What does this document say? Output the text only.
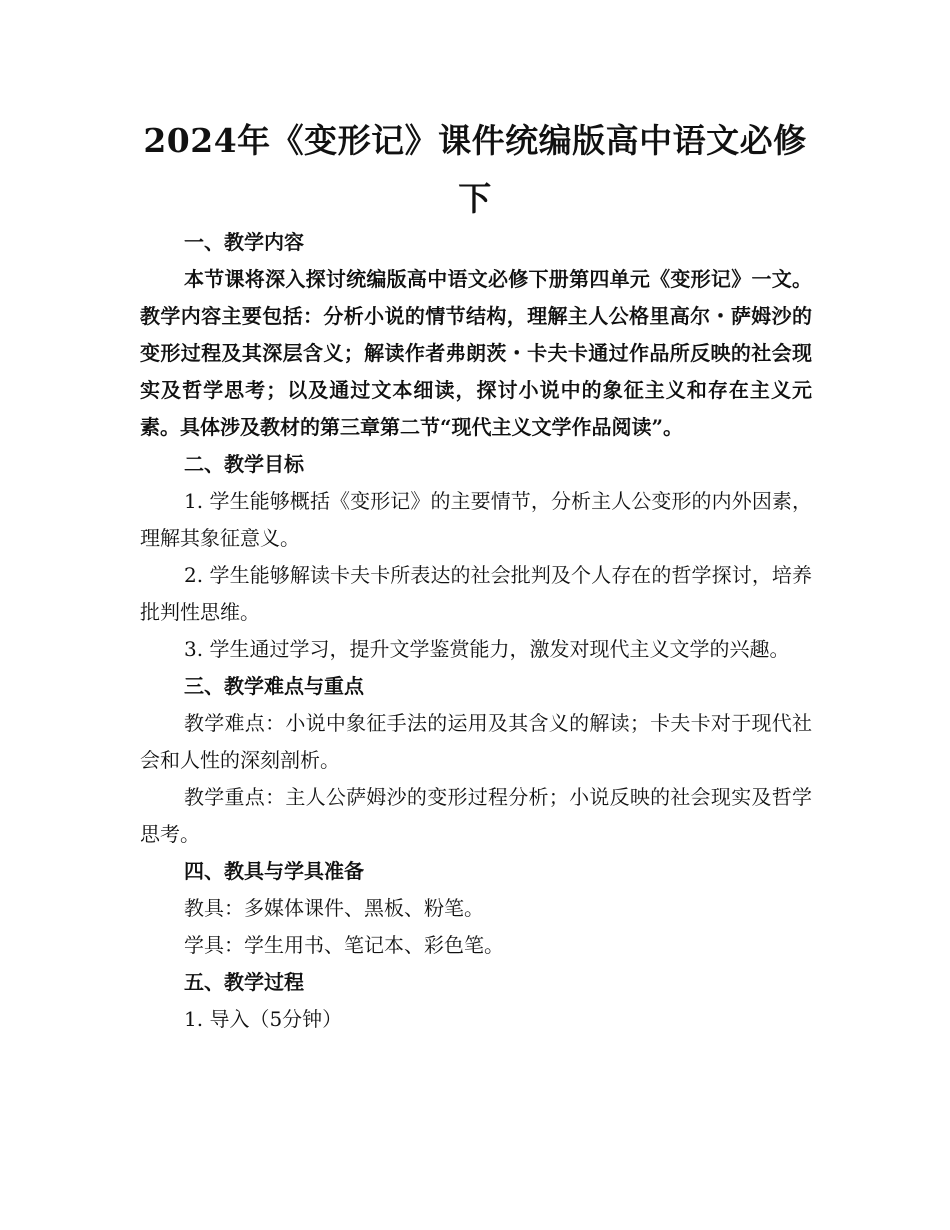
2024年《变形记》课件统编版高中语文必修下

一、教学内容

本节课将深入探讨统编版高中语文必修下册第四单元《变形记》一文。教学内容主要包括：分析小说的情节结构，理解主人公格里高尔・萨姆沙的变形过程及其深层含义；解读作者弗朗茨・卡夫卡通过作品所反映的社会现实及哲学思考；以及通过文本细读，探讨小说中的象征主义和存在主义元素。具体涉及教材的第三章第二节“现代主义文学作品阅读”。

二、教学目标

1. 学生能够概括《变形记》的主要情节，分析主人公变形的内外因素，理解其象征意义。

2. 学生能够解读卡夫卡所表达的社会批判及个人存在的哲学探讨，培养批判性思维。

3. 学生通过学习，提升文学鉴赏能力，激发对现代主义文学的兴趣。

三、教学难点与重点

教学难点：小说中象征手法的运用及其含义的解读；卡夫卡对于现代社会和人性的深刻剖析。

教学重点：主人公萨姆沙的变形过程分析；小说反映的社会现实及哲学思考。

四、教具与学具准备

教具：多媒体课件、黑板、粉笔。

学具：学生用书、笔记本、彩色笔。

五、教学过程

1. 导入（5分钟）
